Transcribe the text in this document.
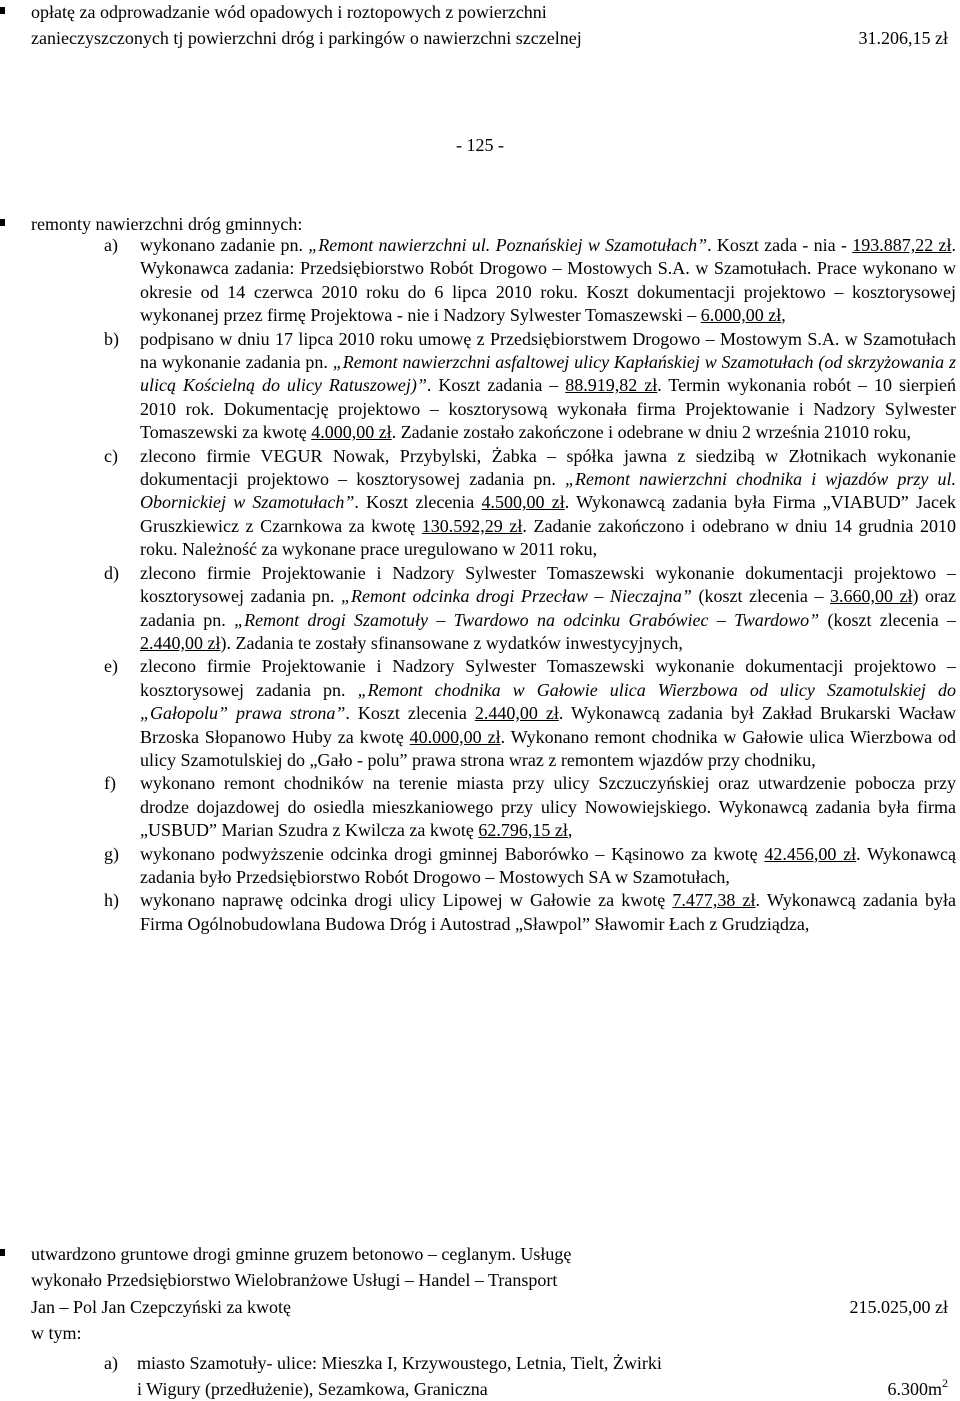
opłatę za odprowadzanie wód opadowych i roztopowych z powierzchni
zanieczyszczonych tj powierzchni dróg i parkingów o nawierzchni szczelnej	31.206,15 zł
- 125 -
remonty nawierzchni dróg gminnych:

a) wykonano zadanie pn. „Remont nawierzchni ul. Poznańskiej w Szamotułach”. Koszt zada - nia - 193.887,22 zł. Wykonawca zadania: Przedsiębiorstwo Robót Drogowo – Mostowych S.A. w Szamotułach. Prace wykonano w okresie od 14 czerwca 2010 roku do 6 lipca 2010 roku. Koszt dokumentacji projektowo – kosztorysowej wykonanej przez firmę Projektowa - nie i Nadzory Sylwester Tomaszewski – 6.000,00 zł,

b) podpisano w dniu 17 lipca 2010 roku umowę z Przedsiębiorstwem Drogowo – Mostowym S.A. w Szamotułach na wykonanie zadania pn. „Remont nawierzchni asfaltowej ulicy Kapłańskiej w Szamotułach (od skrzyżowania z ulicą Kościelną do ulicy Ratuszowej)”. Koszt zadania – 88.919,82 zł. Termin wykonania robót – 10 sierpień 2010 rok. Dokumentację projektowo – kosztorysową wykonała firma Projektowanie i Nadzory Sylwester Tomaszewski za kwotę 4.000,00 zł. Zadanie zostało zakończone i odebrane w dniu 2 września 21010 roku,

c) zlecono firmie VEGUR Nowak, Przybylski, Żabka – spółka jawna z siedzibą w Złotnikach wykonanie dokumentacji projektowo – kosztorysowej zadania pn. „Remont nawierzchni chodnika i wjazdów przy ul. Obornickiej w Szamotułach”. Koszt zlecenia 4.500,00 zł. Wykonawcą zadania była Firma „VIABUD” Jacek Gruszkiewicz z Czarnkowa za kwotę 130.592,29 zł. Zadanie zakończono i odebrano w dniu 14 grudnia 2010 roku. Należność za wykonane prace uregulowano w 2011 roku,

d) zlecono firmie Projektowanie i Nadzory Sylwester Tomaszewski wykonanie dokumentacji projektowo – kosztorysowej zadania pn. „Remont odcinka drogi Przecław – Nieczajna” (koszt zlecenia – 3.660,00 zł) oraz zadania pn. „Remont drogi Szamotuły – Twardowo na odcinku Grabówiec – Twardowo” (koszt zlecenia – 2.440,00 zł). Zadania te zostały sfinansowane z wydatków inwestycyjnych,

e) zlecono firmie Projektowanie i Nadzory Sylwester Tomaszewski wykonanie dokumentacji projektowo – kosztorysowej zadania pn. „Remont chodnika w Gałowie ulica Wierzbowa od ulicy Szamotulskiej do „Gałopolu” prawa strona”. Koszt zlecenia 2.440,00 zł. Wykonawcą zadania był Zakład Brukarski Wacław Brzoska Słopanowo Huby za kwotę 40.000,00 zł. Wykonano remont chodnika w Gałowie ulica Wierzbowa od ulicy Szamotulskiej do „Gało - polu” prawa strona wraz z remontem wjazdów przy chodniku,

f) wykonano remont chodników na terenie miasta przy ulicy Szczuczyńskiej oraz utwardzenie pobocza przy drodze dojazdowej do osiedla mieszkaniowego przy ulicy Nowowiejskiego. Wykonawcą zadania była firma „USBUD” Marian Szudra z Kwilcza za kwotę 62.796,15 zł,

g) wykonano podwyższenie odcinka drogi gminnej Baborówko – Kąsinowo za kwotę 42.456,00 zł. Wykonawcą zadania było Przedsiębiorstwo Robót Drogowo – Mostowych SA w Szamotułach,

h) wykonano naprawę odcinka drogi ulicy Lipowej w Gałowie za kwotę 7.477,38 zł. Wykonawcą zadania była Firma Ogólnobudowlana Budowa Dróg i Autostrad „Sławpol” Sławomir Łach z Grudziądza,

utwardzono gruntowe drogi gminne gruzem betonowo – ceglanym. Usługę
wykonało Przedsiębiorstwo Wielobranżowe Usługi – Handel – Transport
Jan – Pol Jan Czepczyński za kwotę	215.025,00 zł
w tym:
a) miasto Szamotuły- ulice: Mieszka I, Krzywoustego, Letnia, Tielt, Żwirki
i Wigury (przedłużenie), Sezamkowa, Graniczna	$6.300m^2$
